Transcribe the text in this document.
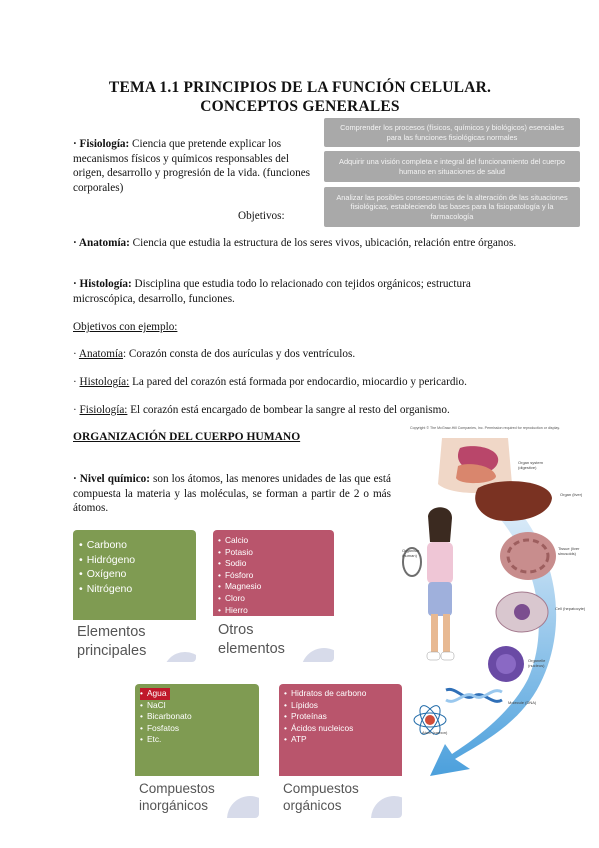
TEMA 1.1 PRINCIPIOS DE LA FUNCIÓN CELULAR.
CONCEPTOS GENERALES
· Fisiología: Ciencia que pretende explicar los mecanismos físicos y químicos responsables del origen, desarrollo y progresión de la vida. (funciones corporales)
Objetivos:
Comprender los procesos (físicos, químicos y biológicos) esenciales para las funciones fisiológicas normales
Adquirir una visión completa e integral del funcionamiento del cuerpo humano en situaciones de salud
Analizar las posibles consecuencias de la alteración de las situaciones fisiológicas, estableciendo las bases para la fisiopatología y la farmacología
· Anatomía: Ciencia que estudia la estructura de los seres vivos, ubicación, relación entre órganos.
· Histología: Disciplina que estudia todo lo relacionado con tejidos orgánicos; estructura microscópica, desarrollo, funciones.
Objetivos con ejemplo:
· Anatomía: Corazón consta de dos aurículas y dos ventrículos.
· Histología: La pared del corazón está formada por endocardio, miocardio y pericardio.
· Fisiología: El corazón está encargado de bombear la sangre al resto del organismo.
ORGANIZACIÓN DEL CUERPO HUMANO
· Nivel químico: son los átomos, las menores unidades de las que está compuesta la materia y las moléculas, se forman a partir de 2 o más átomos.
• Carbono
• Hidrógeno
• Oxígeno
• Nitrógeno
Elementos
principales
• Calcio
• Potasio
• Sodio
• Fósforo
• Magnesio
• Cloro
• Hierro
Otros
elementos
• Agua
• NaCl
• Bicarbonato
• Fosfatos
• Etc.
Compuestos
inorgánicos
• Hidratos de carbono
• Lípidos
• Proteínas
• Ácidos nucleicos
• ATP
Compuestos
orgánicos
Copyright © The McGraw-Hill Companies, Inc. Permission required for reproduction or display.
Organ system (digestive)
Organ (liver)
Organism (human)
Tissue (liver sinusoids)
Cell (hepatocyte)
Organelle (nucleus)
Molecule (DNA)
Atom (carbon)
